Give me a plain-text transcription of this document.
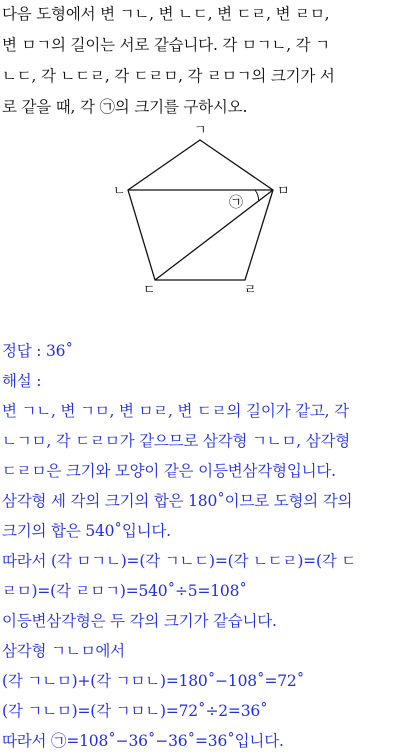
다음 도형에서 변 ㄱㄴ, 변 ㄴㄷ, 변 ㄷㄹ, 변 ㄹㅁ,
변 ㅁㄱ의 길이는 서로 같습니다. 각 ㅁㄱㄴ, 각 ㄱ
ㄴㄷ, 각 ㄴㄷㄹ, 각 ㄷㄹㅁ, 각 ㄹㅁㄱ의 크기가 서
로 같을 때, 각 ㉠의 크기를 구하시오.
ㄱ
ㄴ	ㅁ
ㄷ	ㄹ
㉠
정답 : 36˚
해설 :
변 ㄱㄴ, 변 ㄱㅁ, 변 ㅁㄹ, 변 ㄷㄹ의 길이가 같고, 각
ㄴㄱㅁ, 각 ㄷㄹㅁ가 같으므로 삼각형 ㄱㄴㅁ, 삼각형
ㄷㄹㅁ은 크기와 모양이 같은 이등변삼각형입니다.
삼각형 세 각의 크기의 합은 180˚이므로 도형의 각의
크기의 합은 540˚입니다.
따라서 (각 ㅁㄱㄴ)=(각 ㄱㄴㄷ)=(각 ㄴㄷㄹ)=(각 ㄷ
ㄹㅁ)=(각 ㄹㅁㄱ)=540˚÷5=108˚
이등변삼각형은 두 각의 크기가 같습니다.
삼각형 ㄱㄴㅁ에서
(각 ㄱㄴㅁ)+(각 ㄱㅁㄴ)=180˚−108˚=72˚
(각 ㄱㄴㅁ)=(각 ㄱㅁㄴ)=72˚÷2=36˚
따라서 ㉠=108˚−36˚−36˚=36˚입니다.
